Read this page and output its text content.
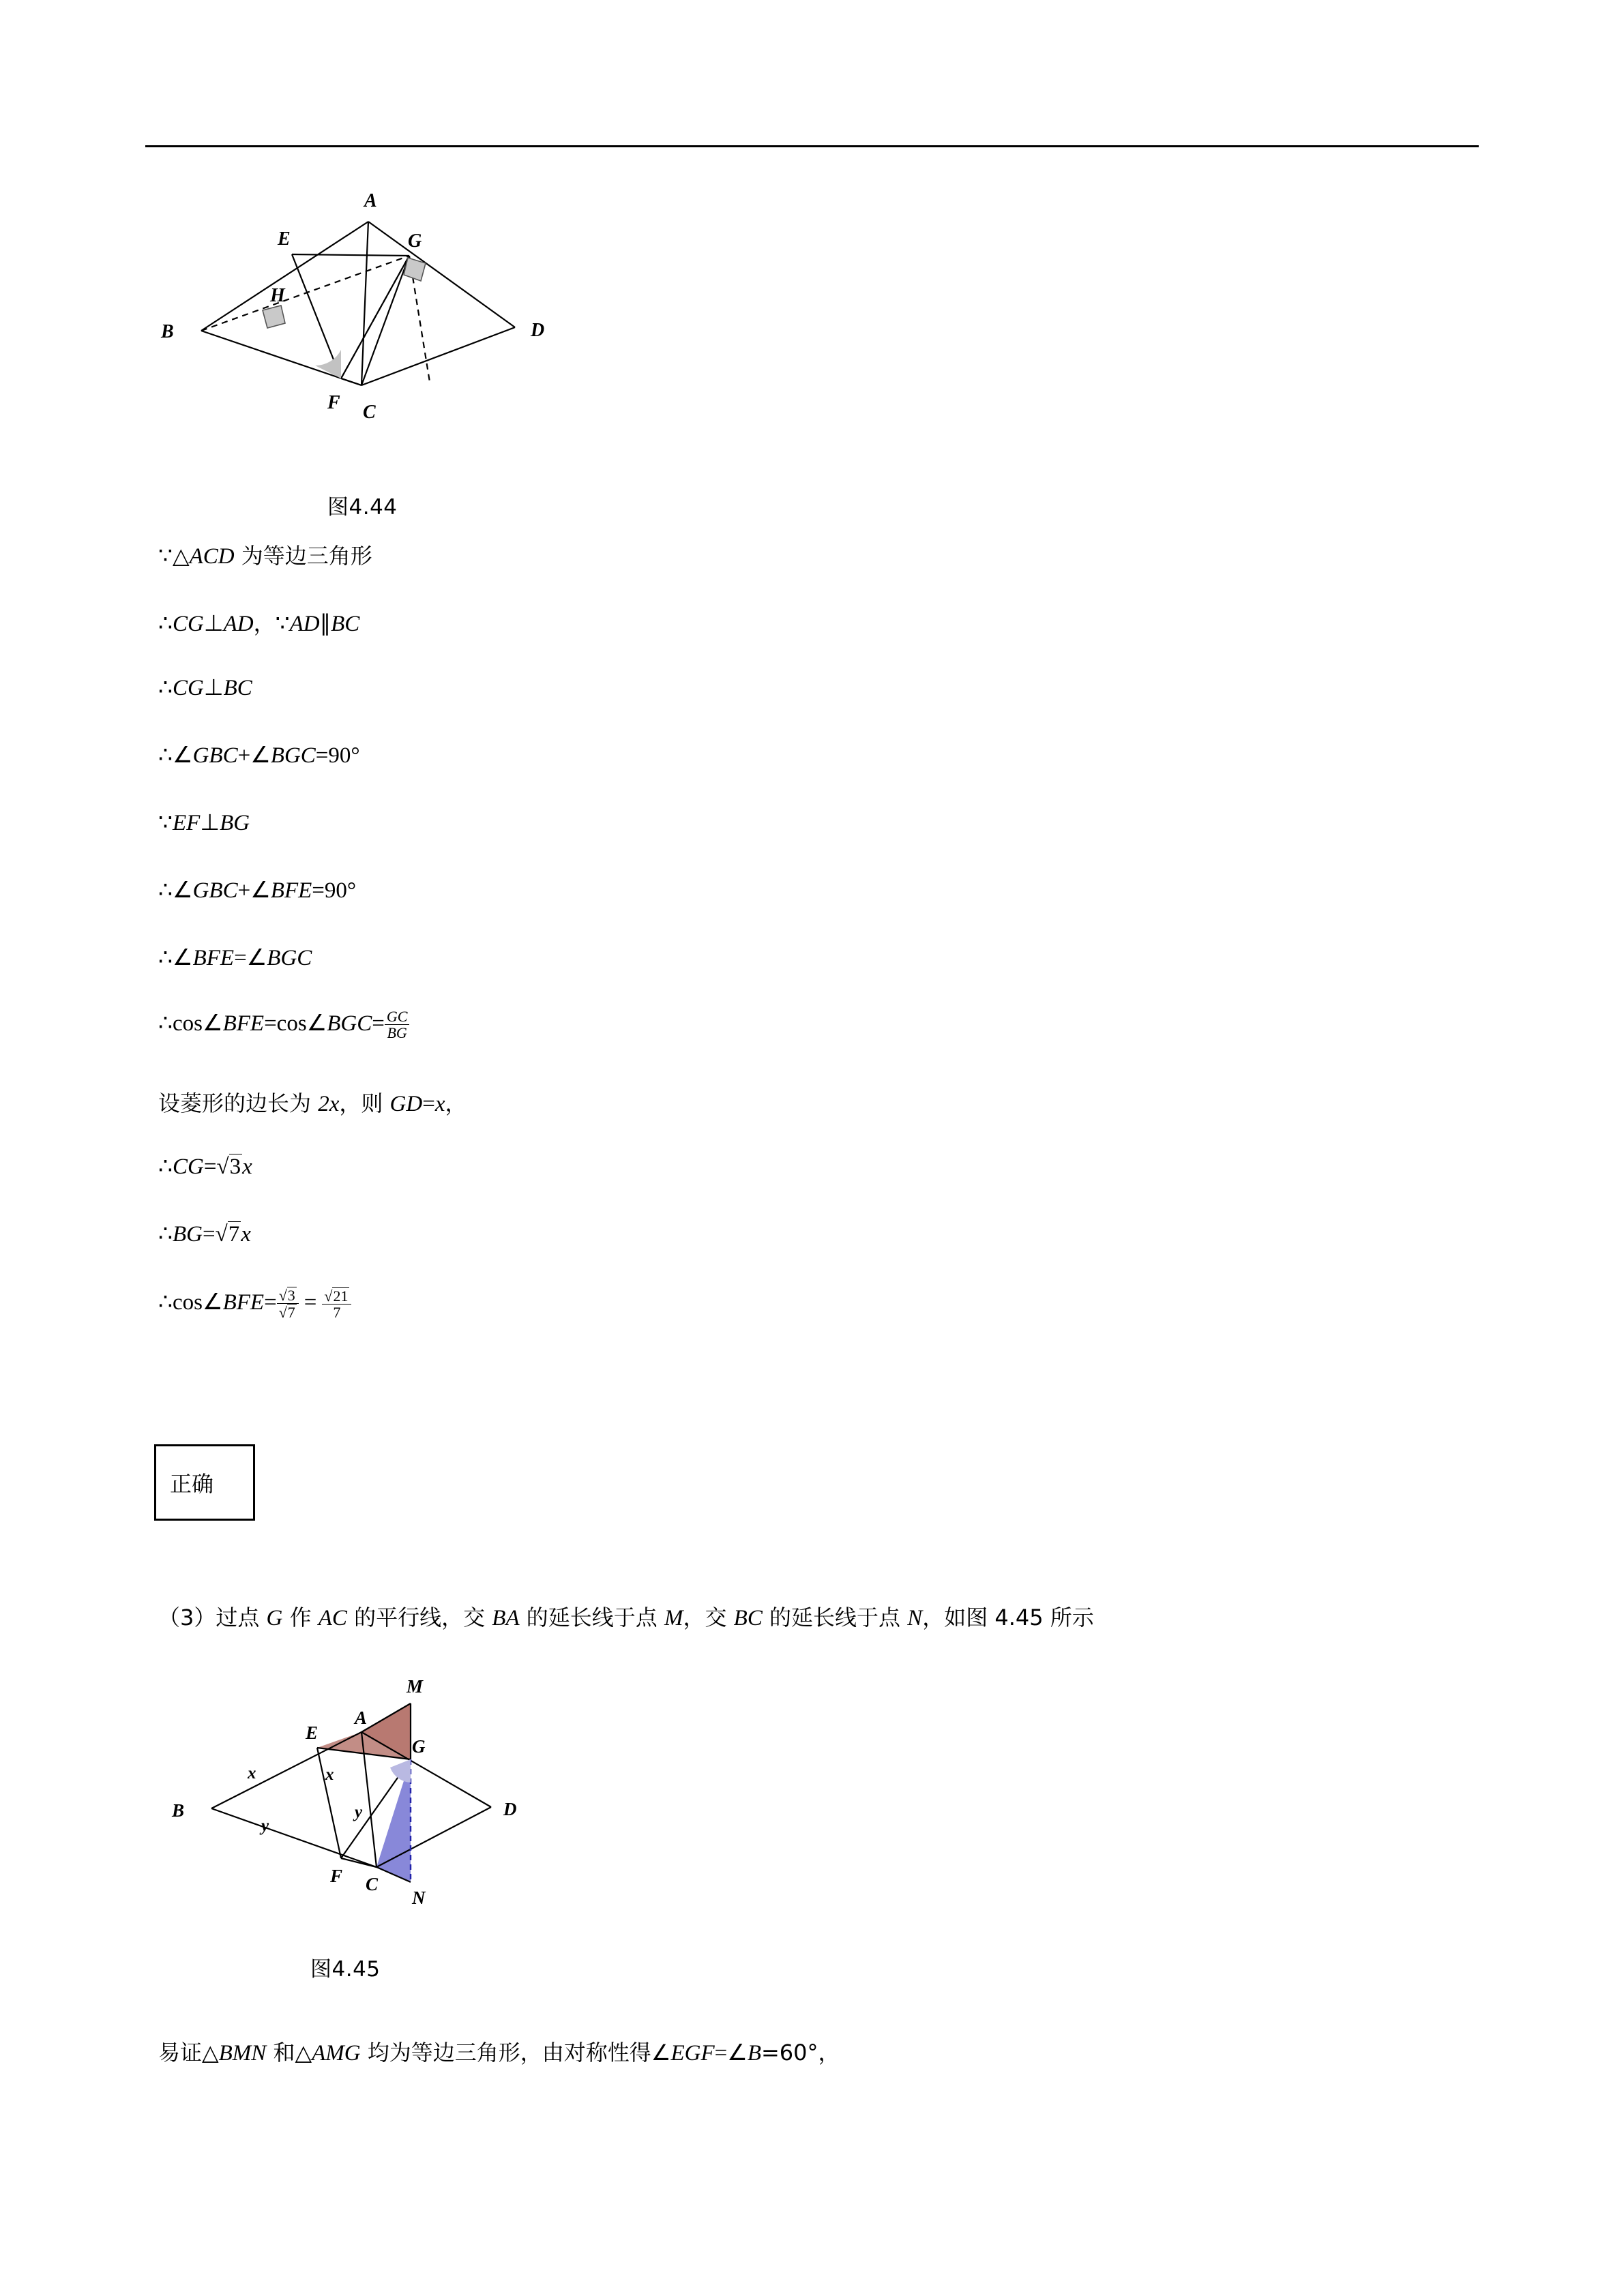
A
E	G
B
H
D
F C
图4.44
∵△ACD 为等边三角形
∴CG⊥AD，∵AD∥BC
∴CG⊥BC
∴∠GBC+∠BGC=90°
∵EF⊥BG
∴∠GBC+∠BFE=90°
∴∠BFE=∠BGC
∴cos∠BFE=cos∠BGC= $\frac{GC}{BG}$
设菱形的边长为 2x，则 GD=x，
∴CG=√3x
∴BG=√7x
∴cos∠BFE= $\frac{√3}{√7} = \frac{√21}{7}$
正确
（3）过点 G 作 AC 的平行线，交 BA 的延长线于点 M，交 BC 的延长线于点 N，如图 4.45 所示
M
A
E
G
B	D
F C
N
x	x
y
y
图4.45
易证△BMN 和△AMG 均为等边三角形，由对称性得∠EGF=∠B=60°，
